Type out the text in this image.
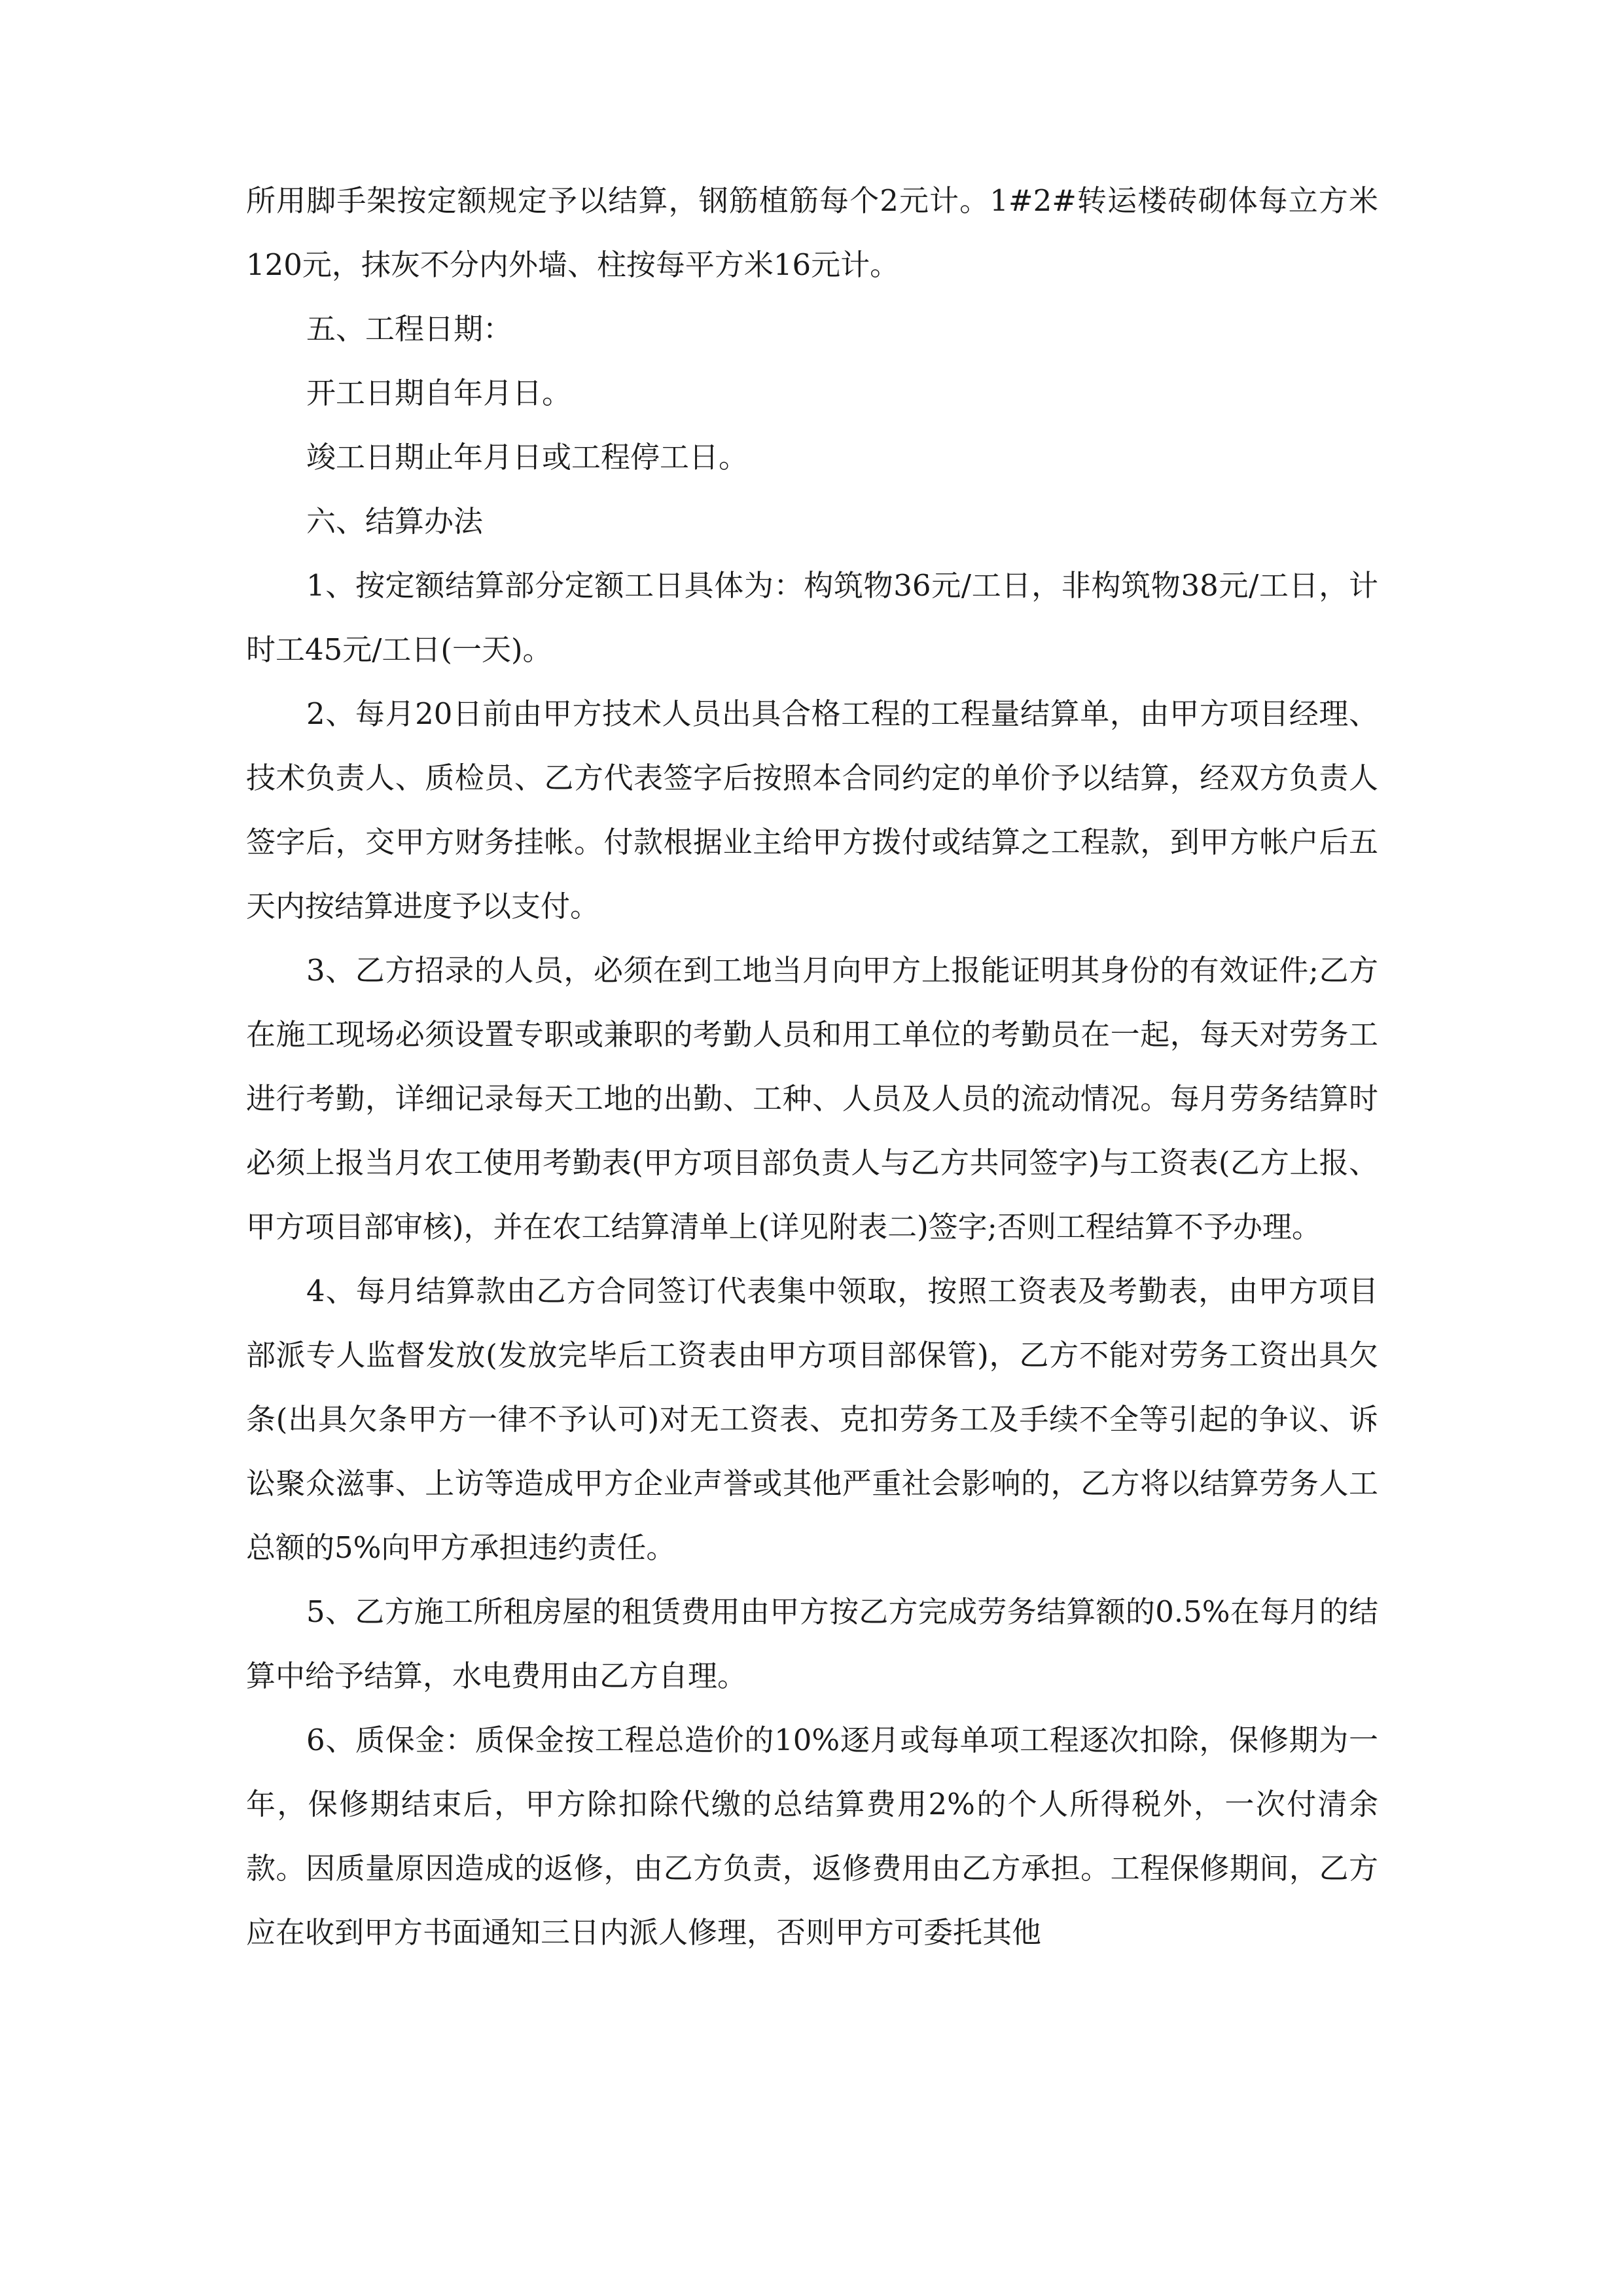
所用脚手架按定额规定予以结算，钢筋植筋每个2元计。1#2#转运楼砖砌体每立方米120元，抹灰不分内外墙、柱按每平方米16元计。

五、工程日期：

开工日期自年月日。

竣工日期止年月日或工程停工日。

六、结算办法

1、按定额结算部分定额工日具体为：构筑物36元/工日，非构筑物38元/工日，计时工45元/工日(一天)。

2、每月20日前由甲方技术人员出具合格工程的工程量结算单，由甲方项目经理、技术负责人、质检员、乙方代表签字后按照本合同约定的单价予以结算，经双方负责人签字后，交甲方财务挂帐。付款根据业主给甲方拨付或结算之工程款，到甲方帐户后五天内按结算进度予以支付。

3、乙方招录的人员，必须在到工地当月向甲方上报能证明其身份的有效证件;乙方在施工现场必须设置专职或兼职的考勤人员和用工单位的考勤员在一起，每天对劳务工进行考勤，详细记录每天工地的出勤、工种、人员及人员的流动情况。每月劳务结算时必须上报当月农工使用考勤表(甲方项目部负责人与乙方共同签字)与工资表(乙方上报、甲方项目部审核)，并在农工结算清单上(详见附表二)签字;否则工程结算不予办理。

4、每月结算款由乙方合同签订代表集中领取，按照工资表及考勤表，由甲方项目部派专人监督发放(发放完毕后工资表由甲方项目部保管)，乙方不能对劳务工资出具欠条(出具欠条甲方一律不予认可)对无工资表、克扣劳务工及手续不全等引起的争议、诉讼聚众滋事、上访等造成甲方企业声誉或其他严重社会影响的，乙方将以结算劳务人工总额的5%向甲方承担违约责任。

5、乙方施工所租房屋的租赁费用由甲方按乙方完成劳务结算额的0.5%在每月的结算中给予结算，水电费用由乙方自理。

6、质保金：质保金按工程总造价的10%逐月或每单项工程逐次扣除，保修期为一年，保修期结束后，甲方除扣除代缴的总结算费用2%的个人所得税外，一次付清余款。因质量原因造成的返修，由乙方负责，返修费用由乙方承担。工程保修期间，乙方应在收到甲方书面通知三日内派人修理，否则甲方可委托其他
